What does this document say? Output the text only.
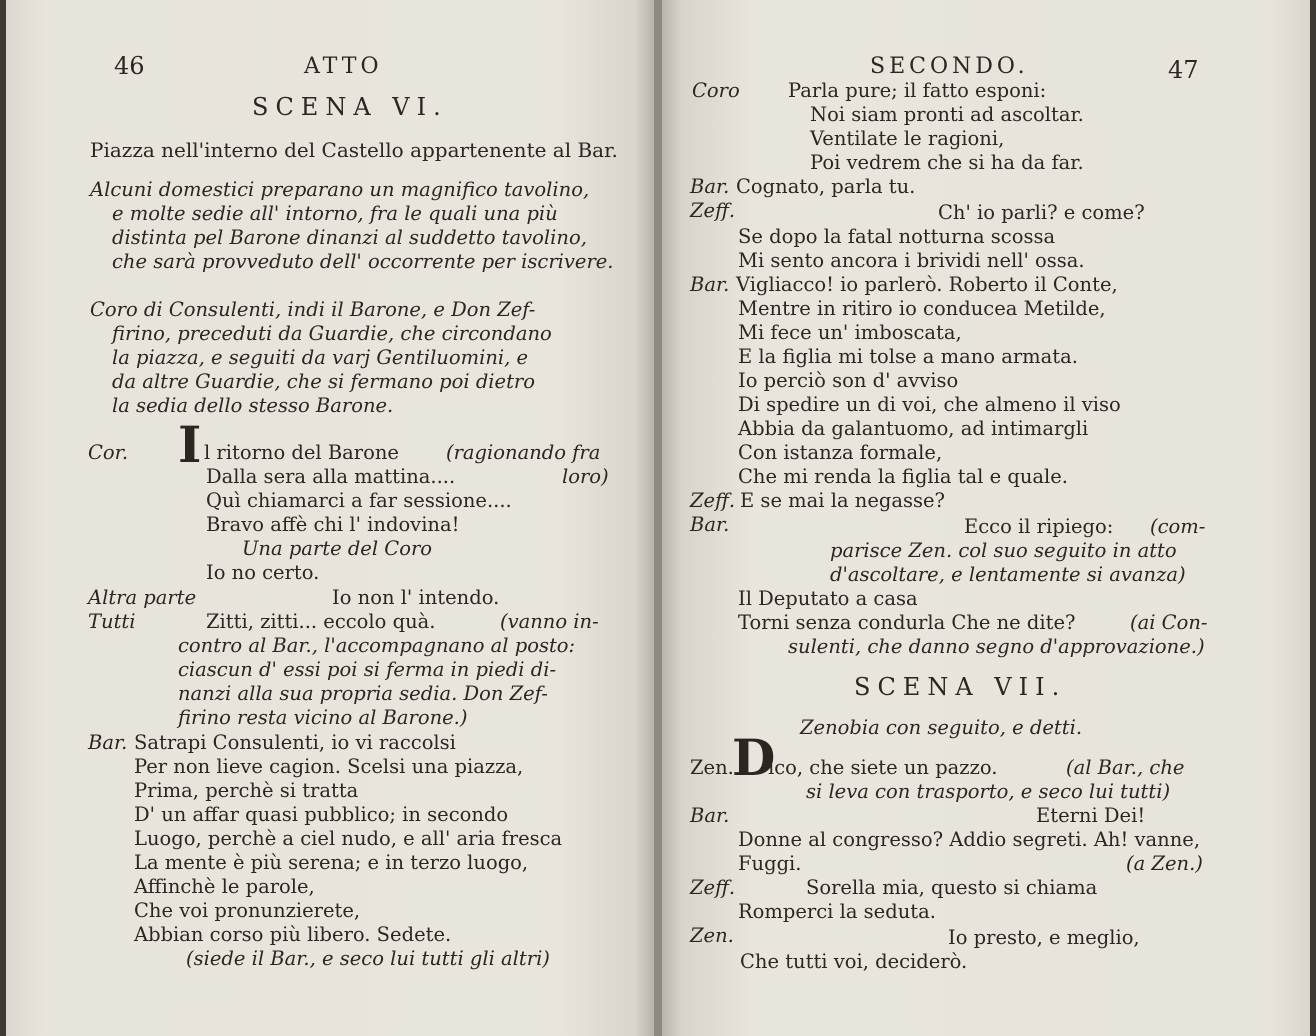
46	ATTO
SCENA VI.
Piazza nell'interno del Castello appartenente al Bar.
Alcuni domestici preparano un magnifico tavolino,
e molte sedie all' intorno, fra le quali una più
distinta pel Barone dinanzi al suddetto tavolino,
che sarà provveduto dell' occorrente per iscrivere.
Coro di Consulenti, indi il Barone, e Don Zef-
firino, preceduti da Guardie, che circondano
la piazza, e seguiti da varj Gentiluomini, e
da altre Guardie, che si fermano poi dietro
la sedia dello stesso Barone.
Cor. I l ritorno del Barone (ragionando fra
Dalla sera alla mattina....	loro)
Quì chiamarci a far sessione....
Bravo affè chi l' indovina!
Una parte del Coro
Io no certo.
Altra parte	Io non l' intendo.
Tutti	Zitti, zitti... eccolo quà.	(vanno in-
contro al Bar., l'accompagnano al posto:
ciascun d' essi poi si ferma in piedi di-
nanzi alla sua propria sedia. Don Zef-
firino resta vicino al Barone.)
Bar. Satrapi Consulenti, io vi raccolsi
Per non lieve cagion. Scelsi una piazza,
Prima, perchè si tratta
D' un affar quasi pubblico; in secondo
Luogo, perchè a ciel nudo, e all' aria fresca
La mente è più serena; e in terzo luogo,
Affinchè le parole,
Che voi pronunzierete,
Abbian corso più libero. Sedete.
(siede il Bar., e seco lui tutti gli altri)
SECONDO.	47
Coro Parla pure; il fatto esponi:
Noi siam pronti ad ascoltar.
Ventilate le ragioni,
Poi vedrem che si ha da far.
Bar. Cognato, parla tu.
Zeff.	Ch' io parli? e come?
Se dopo la fatal notturna scossa
Mi sento ancora i brividi nell' ossa.
Bar. Vigliacco! io parlerò. Roberto il Conte,
Mentre in ritiro io conducea Metilde,
Mi fece un' imboscata,
E la figlia mi tolse a mano armata.
Io perciò son d' avviso
Di spedire un di voi, che almeno il viso
Abbia da galantuomo, ad intimargli
Con istanza formale,
Che mi renda la figlia tal e quale.
Zeff. E se mai la negasse?
Bar.	Ecco il ripiego: (com-
parisce Zen. col suo seguito in atto
d'ascoltare, e lentamente si avanza)
Il Deputato a casa
Torni senza condurla Che ne dite?	(ai Con-
sulenti, che danno segno d'approvazione.)
SCENA VII.
Zenobia con seguito, e detti.
Zen.
D
ico, che siete un pazzo.	(al Bar., che
si leva con trasporto, e seco lui tutti)
Bar.	Eterni Dei!
Donne al congresso? Addio segreti. Ah! vanne,
Fuggi.	(a Zen.)
Zeff.	Sorella mia, questo si chiama
Romperci la seduta.
Zen.	Io presto, e meglio,
Che tutti voi, deciderò.
